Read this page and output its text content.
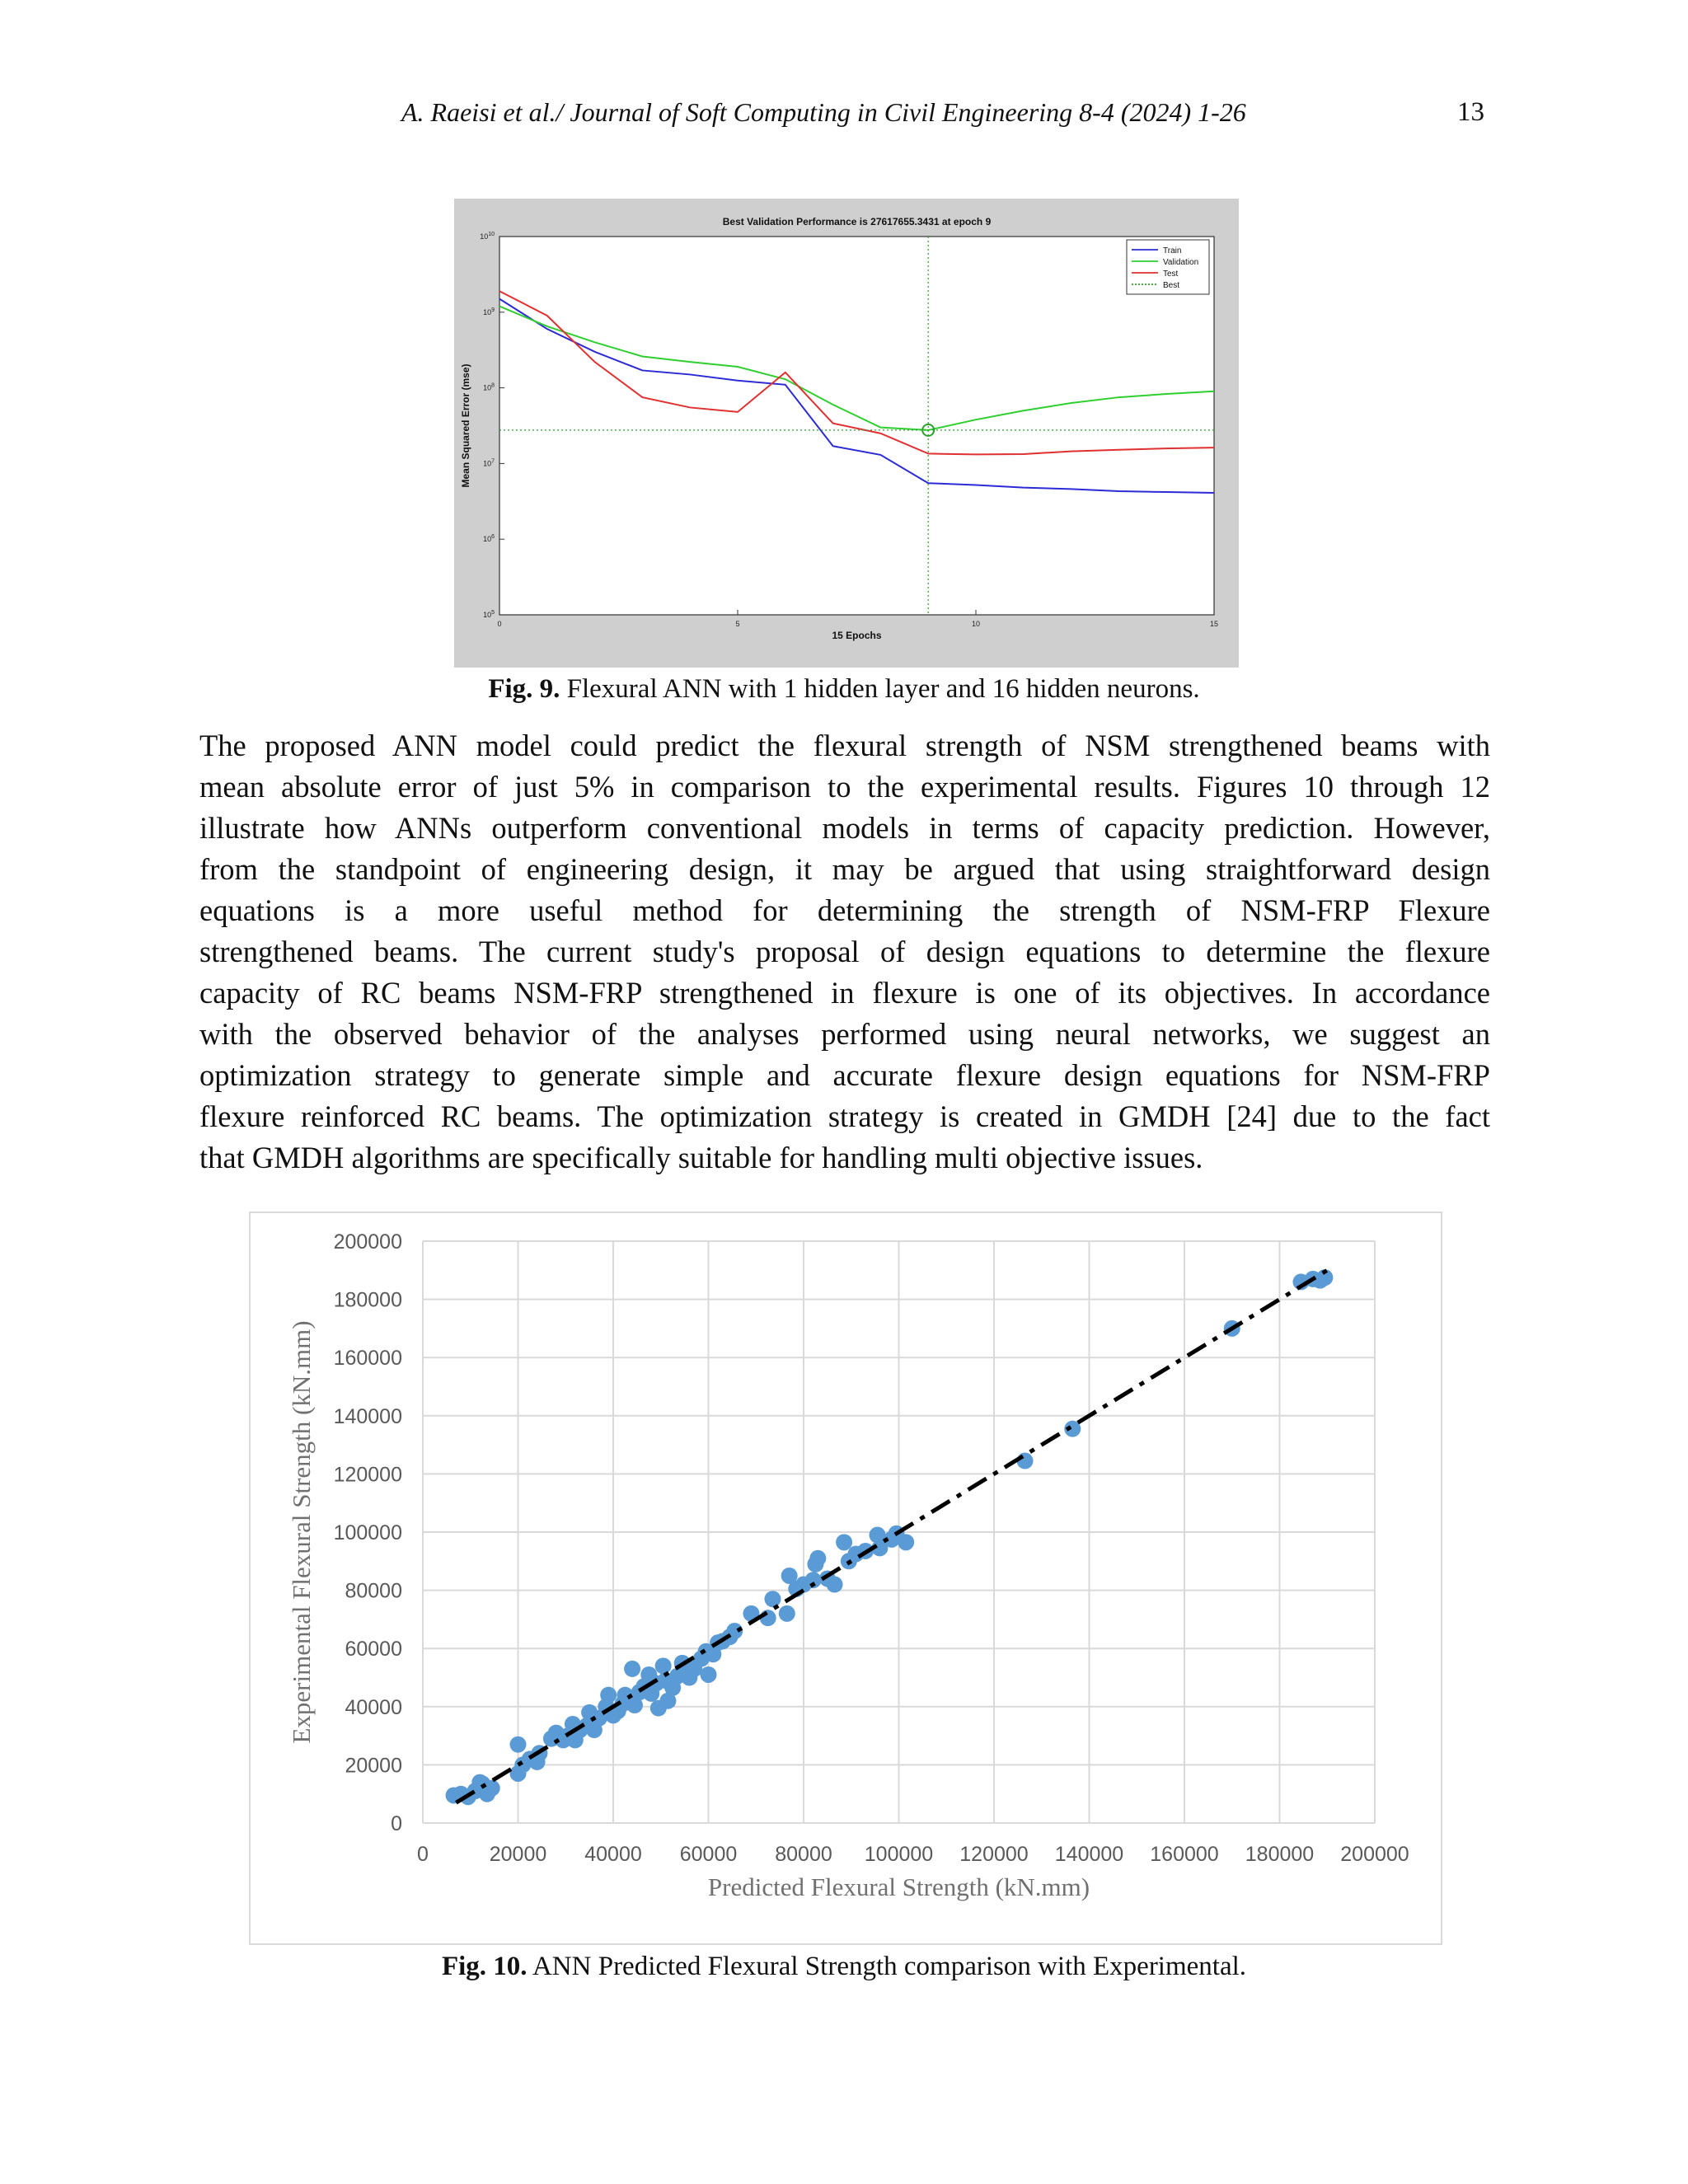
A. Raeisi et al./ Journal of Soft Computing in Civil Engineering 8-4 (2024) 1-26	13
Best Validation Performance is 27617655.3431 at epoch 9
0	5	10	15
$10^5$
$10^6$
$10^7$
$10^8$
$10^9$
$10^{10}$
15 Epochs
Mean Squared Error (mse)
Train
Validation
Test
Best
Fig. 9. Flexural ANN with 1 hidden layer and 16 hidden neurons.
The proposed ANN model could predict the flexural strength of NSM strengthened beams with
mean absolute error of just 5% in comparison to the experimental results. Figures 10 through 12
illustrate how ANNs outperform conventional models in terms of capacity prediction. However,
from the standpoint of engineering design, it may be argued that using straightforward design
equations is a more useful method for determining the strength of NSM-FRP Flexure
strengthened beams. The current study's proposal of design equations to determine the flexure
capacity of RC beams NSM-FRP strengthened in flexure is one of its objectives. In accordance
with the observed behavior of the analyses performed using neural networks, we suggest an
optimization strategy to generate simple and accurate flexure design equations for NSM-FRP
flexure reinforced RC beams. The optimization strategy is created in GMDH [24] due to the fact
that GMDH algorithms are specifically suitable for handling multi objective issues.
0	20000 40000 60000 80000 100000 120000 140000 160000 180000 200000
0
20000
40000
60000
80000
100000
120000
140000
160000
180000
200000
Predicted Flexural Strength (kN.mm)
Experimental Flexural Strength (kN.mm)
Fig. 10. ANN Predicted Flexural Strength comparison with Experimental.
